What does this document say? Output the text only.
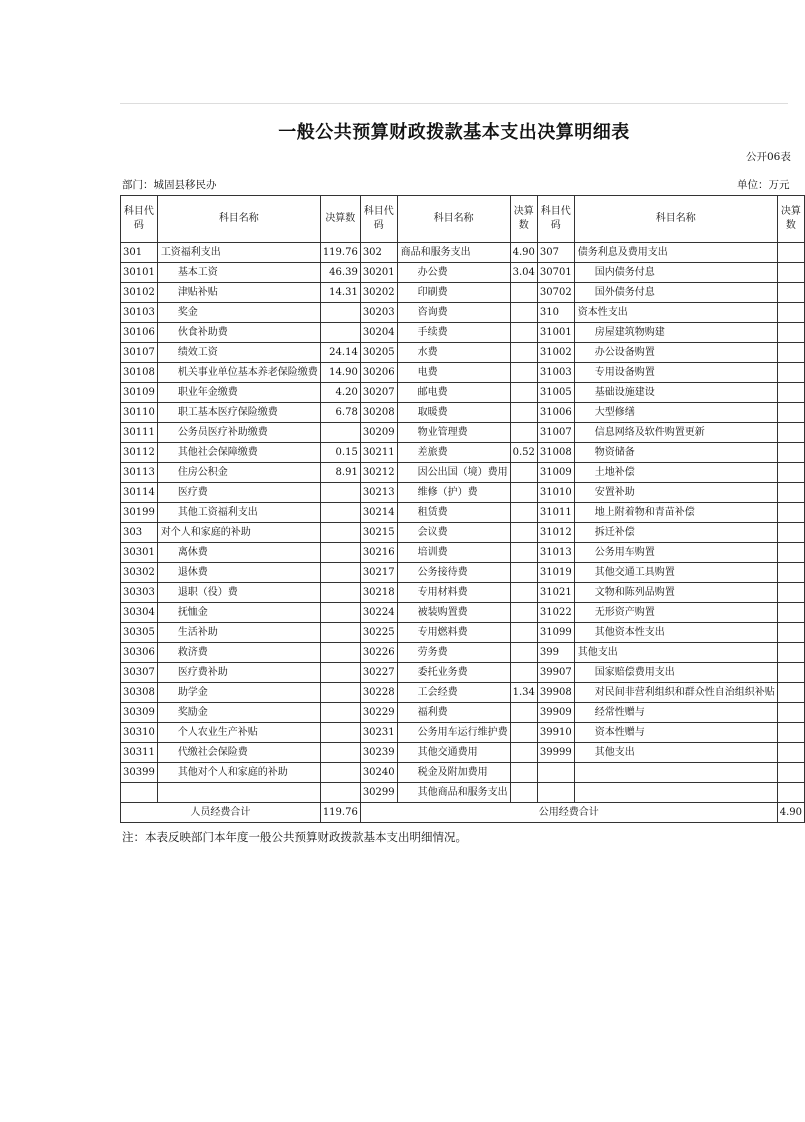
一般公共预算财政拨款基本支出决算明细表
公开06表
部门：城固县移民办	单位：万元
科目代码	科目名称	决算数	科目代码	科目名称	决算数	科目代码	科目名称	决算数
301	工资福利支出	119.76	302	商品和服务支出	4.90	307	债务利息及费用支出	
30101	基本工资	46.39	30201	办公费	3.04	30701	国内债务付息	
30102	津贴补贴	14.31	30202	印刷费		30702	国外债务付息	
30103	奖金		30203	咨询费		310	资本性支出	
30106	伙食补助费		30204	手续费		31001	房屋建筑物购建	
30107	绩效工资	24.14	30205	水费		31002	办公设备购置	
30108	机关事业单位基本养老保险缴费	14.90	30206	电费		31003	专用设备购置	
30109	职业年金缴费	4.20	30207	邮电费		31005	基础设施建设	
30110	职工基本医疗保险缴费	6.78	30208	取暖费		31006	大型修缮	
30111	公务员医疗补助缴费		30209	物业管理费		31007	信息网络及软件购置更新	
30112	其他社会保障缴费	0.15	30211	差旅费	0.52	31008	物资储备	
30113	住房公积金	8.91	30212	因公出国（境）费用		31009	土地补偿	
30114	医疗费		30213	维修（护）费		31010	安置补助	
30199	其他工资福利支出		30214	租赁费		31011	地上附着物和青苗补偿	
303	对个人和家庭的补助		30215	会议费		31012	拆迁补偿	
30301	离休费		30216	培训费		31013	公务用车购置	
30302	退休费		30217	公务接待费		31019	其他交通工具购置	
30303	退职（役）费		30218	专用材料费		31021	文物和陈列品购置	
30304	抚恤金		30224	被装购置费		31022	无形资产购置	
30305	生活补助		30225	专用燃料费		31099	其他资本性支出	
30306	救济费		30226	劳务费		399	其他支出	
30307	医疗费补助		30227	委托业务费		39907	国家赔偿费用支出	
30308	助学金		30228	工会经费	1.34	39908	对民间非营利组织和群众性自治组织补贴	
30309	奖励金		30229	福利费		39909	经常性赠与	
30310	个人农业生产补贴		30231	公务用车运行维护费		39910	资本性赠与	
30311	代缴社会保险费		30239	其他交通费用		39999	其他支出	
30399	其他对个人和家庭的补助		30240	税金及附加费用				
			30299	其他商品和服务支出				
人员经费合计		119.76	公用经费合计					4.90
注：本表反映部门本年度一般公共预算财政拨款基本支出明细情况。
